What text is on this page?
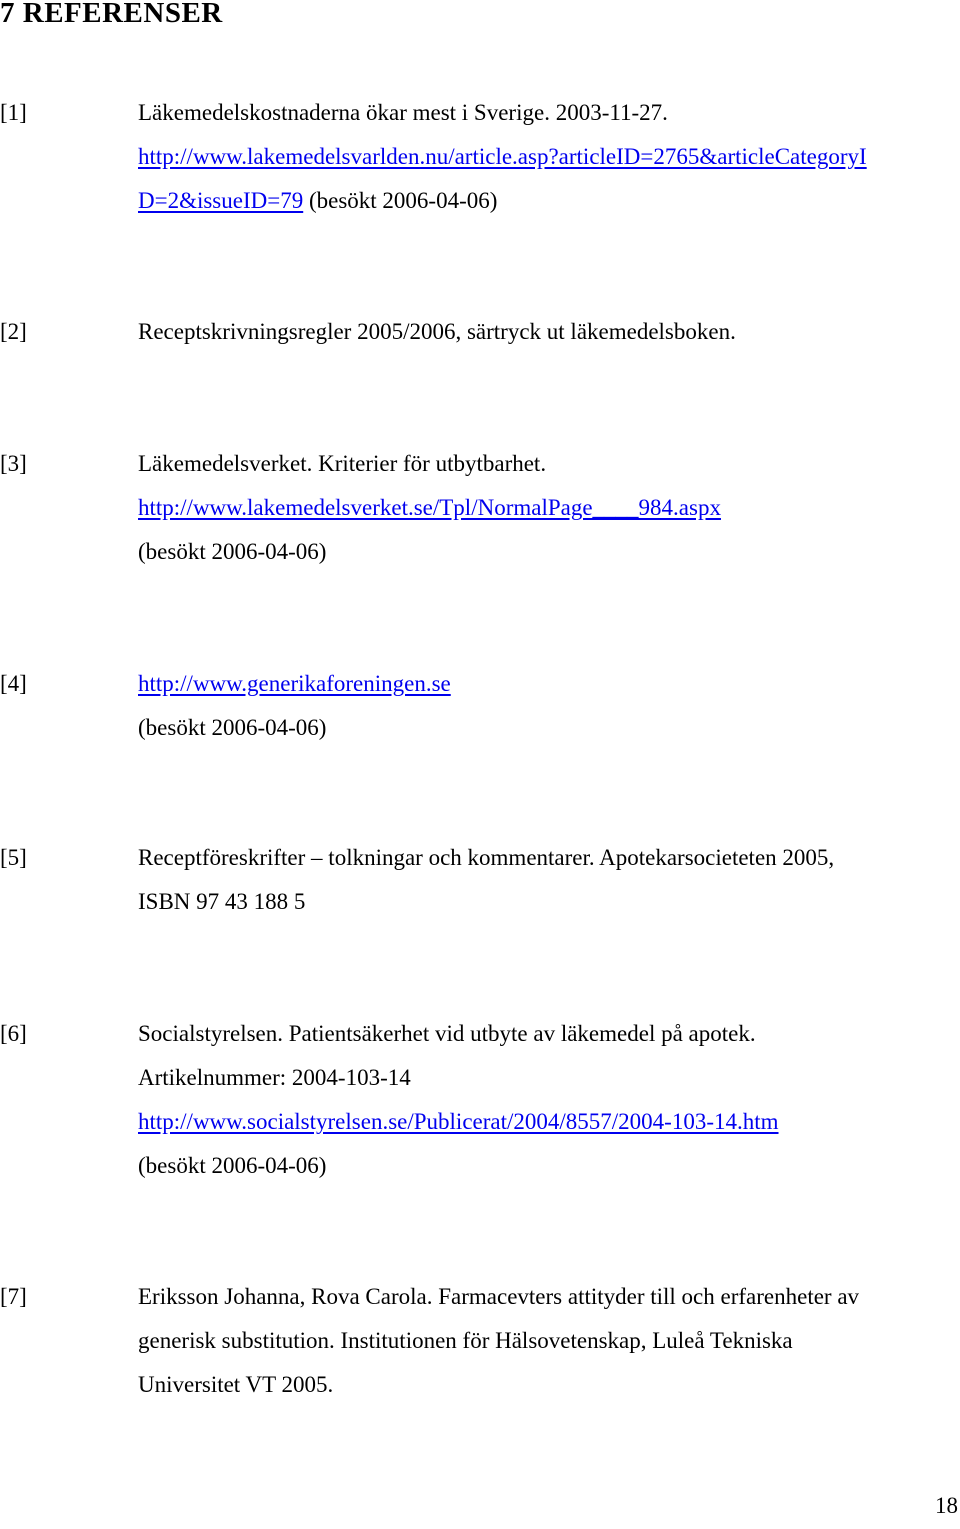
7 REFERENSER
[1]	Läkemedelskostnaderna ökar mest i Sverige. 2003-11-27.
http://www.lakemedelsvarlden.nu/article.asp?articleID=2765&articleCategoryI
D=2&issueID=79 (besökt 2006-04-06)
[2]	Receptskrivningsregler 2005/2006, särtryck ut läkemedelsboken.
[3]	Läkemedelsverket. Kriterier för utbytbarhet.
http://www.lakemedelsverket.se/Tpl/NormalPage____984.aspx
(besökt 2006-04-06)
[4]	http://www.generikaforeningen.se
(besökt 2006-04-06)
[5]	Receptföreskrifter – tolkningar och kommentarer. Apotekarsocieteten 2005,
ISBN 97 43 188 5
[6]	Socialstyrelsen. Patientsäkerhet vid utbyte av läkemedel på apotek.
Artikelnummer: 2004-103-14
http://www.socialstyrelsen.se/Publicerat/2004/8557/2004-103-14.htm
(besökt 2006-04-06)
[7]	Eriksson Johanna, Rova Carola. Farmacevters attityder till och erfarenheter av
generisk substitution. Institutionen för Hälsovetenskap, Luleå Tekniska
Universitet VT 2005.
18
